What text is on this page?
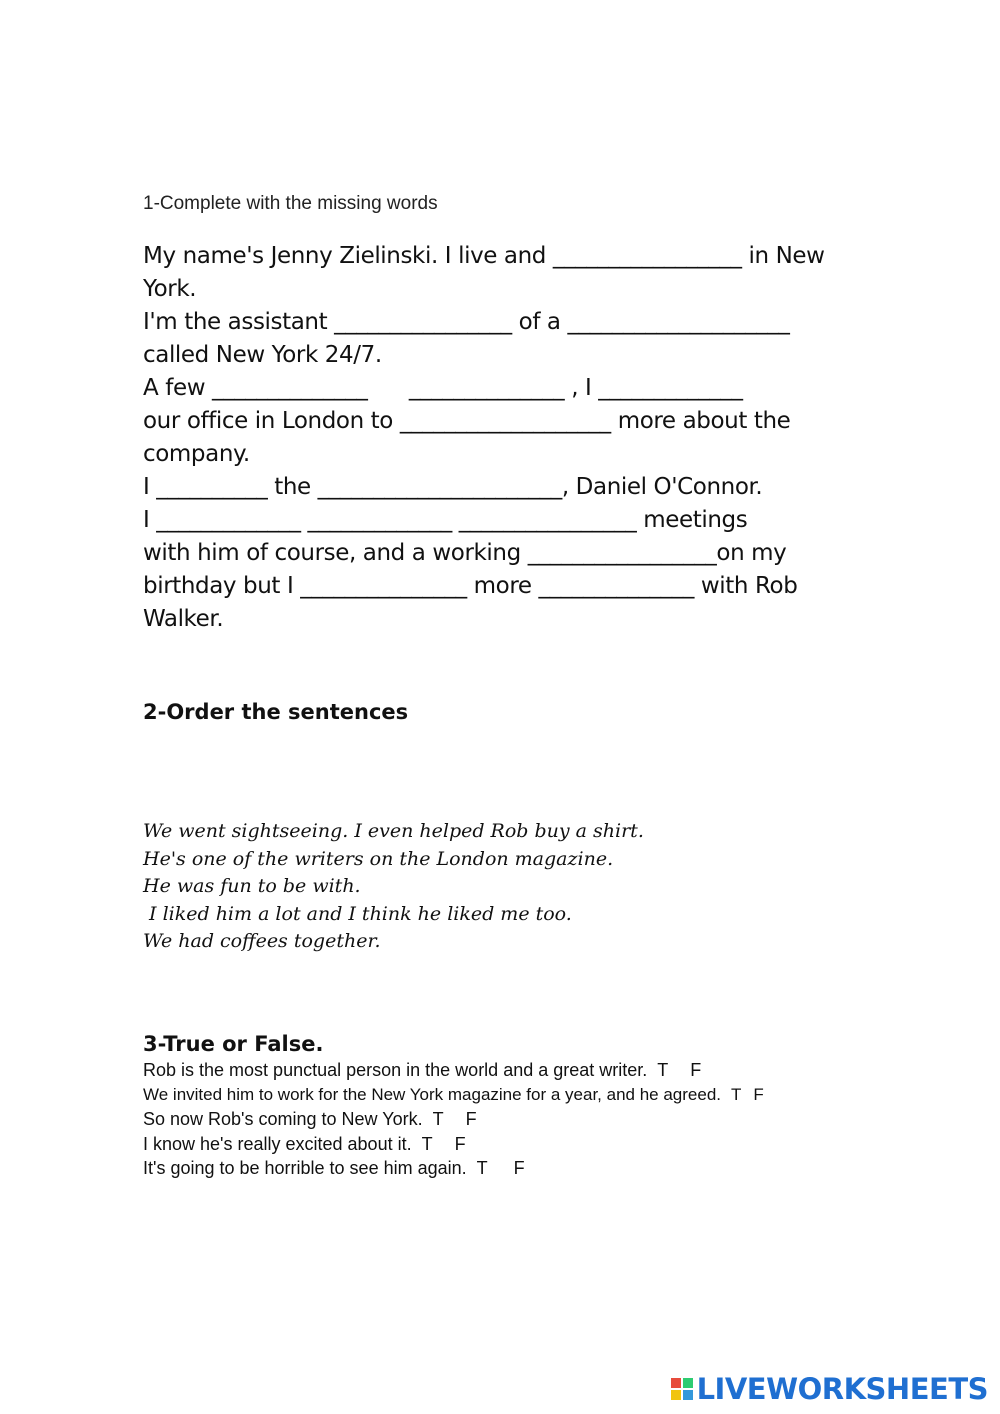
1-Complete with the missing words
My name's Jenny Zielinski. I live and _________________ in New
York.
I'm the assistant ________________ of a ____________________
called New York 24/7.
A few ______________      ______________ , I _____________
our office in London to ___________________ more about the
company.
I __________ the ______________________, Daniel O'Connor.
I _____________ _____________ ________________ meetings
with him of course, and a working _________________on my
birthday but I _______________ more ______________ with Rob
Walker.
2-Order the sentences
We went sightseeing. I even helped Rob buy a shirt.
He's one of the writers on the London magazine.
He was fun to be with.
I liked him a lot and I think he liked me too.
We had coffees together.
3-True or False.
Rob is the most punctual person in the world and a great writer. T F
We invited him to work for the New York magazine for a year, and he agreed. T F
So now Rob's coming to New York. T F
I know he's really excited about it. T F
It's going to be horrible to see him again. T F
LIVEWORKSHEETS
